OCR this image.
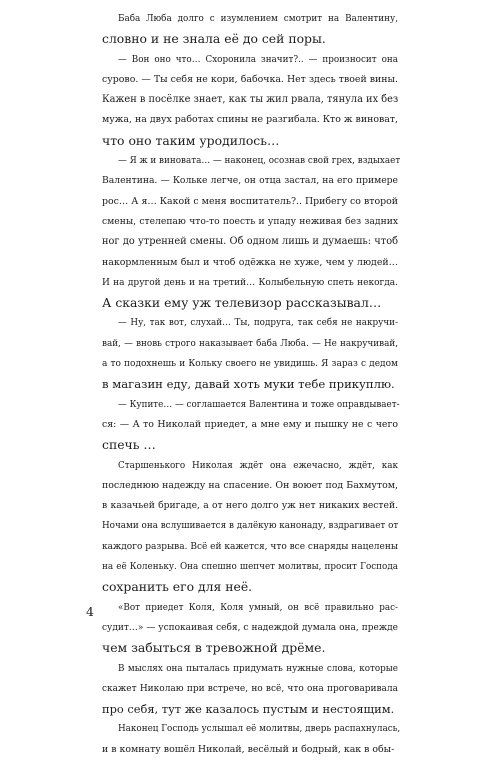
Баба Люба долго с изумлением смотрит на Валентину,
словно и не знала её до сей поры.
— Вон оно что… Схоронила значит?.. — произносит она
сурово. — Ты себя не кори, бабочка. Нет здесь твоей вины.
Кажен в посёлке знает, как ты жил рвала, тянула их без
мужа, на двух работах спины не разгибала. Кто ж виноват,
что оно таким уродилось…
— Я ж и виновата… — наконец, осознав свой грех, вздыхает
Валентина. — Кольке легче, он отца застал, на его примере
рос… А я… Какой с меня воспитатель?.. Прибегу со второй
смены, стелепаю что-то поесть и упаду неживая без задних
ног до утренней смены. Об одном лишь и думаешь: чтоб
накормленным был и чтоб одёжка не хуже, чем у людей…
И на другой день и на третий… Колыбельную спеть некогда.
А сказки ему уж телевизор рассказывал…
— Ну, так вот, слухай… Ты, подруга, так себя не накручи-
вай, — вновь строго наказывает баба Люба. — Не накручивай,
а то подохнешь и Кольку своего не увидишь. Я зараз с дедом
в магазин еду, давай хоть муки тебе прикуплю.
— Купите… — соглашается Валентина и тоже оправдывает-
ся: — А то Николай приедет, а мне ему и пышку не с чего
спечь …
Старшенького Николая ждёт она ежечасно, ждёт, как
последнюю надежду на спасение. Он воюет под Бахмутом,
в казачьей бригаде, а от него долго уж нет никаких вестей.
Ночами она вслушивается в далёкую канонаду, вздрагивает от
каждого разрыва. Всё ей кажется, что все снаряды нацелены
на её Коленьку. Она спешно шепчет молитвы, просит Господа
сохранить его для неё.
«Вот приедет Коля, Коля умный, он всё правильно рас-
судит…» — успокаивая себя, с надеждой думала она, прежде
чем забыться в тревожной дрёме.
В мыслях она пыталась придумать нужные слова, которые
скажет Николаю при встрече, но всё, что она проговаривала
про себя, тут же казалось пустым и нестоящим.
Наконец Господь услышал её молитвы, дверь распахнулась,
и в комнату вошёл Николай, весёлый и бодрый, как в обы-
4
